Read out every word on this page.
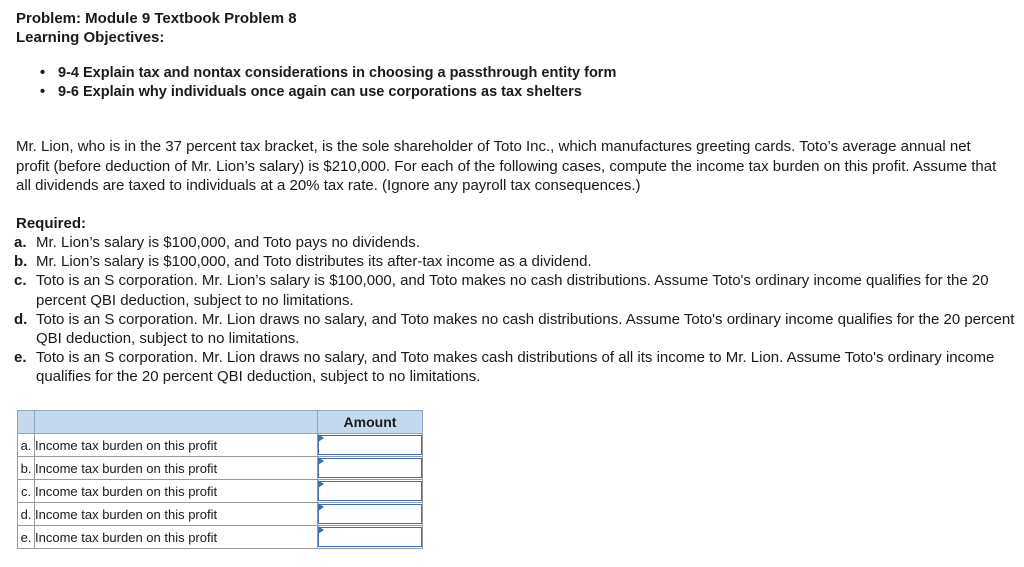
Problem: Module 9 Textbook Problem 8
Learning Objectives:
• 9-4 Explain tax and nontax considerations in choosing a passthrough entity form
• 9-6 Explain why individuals once again can use corporations as tax shelters
Mr. Lion, who is in the 37 percent tax bracket, is the sole shareholder of Toto Inc., which manufactures greeting cards. Toto’s average annual net profit (before deduction of Mr. Lion’s salary) is $210,000. For each of the following cases, compute the income tax burden on this profit. Assume that all dividends are taxed to individuals at a 20% tax rate. (Ignore any payroll tax consequences.)
Required:
a. Mr. Lion’s salary is $100,000, and Toto pays no dividends.
b. Mr. Lion’s salary is $100,000, and Toto distributes its after-tax income as a dividend.
c. Toto is an S corporation. Mr. Lion’s salary is $100,000, and Toto makes no cash distributions. Assume Toto's ordinary income qualifies for the 20 percent QBI deduction, subject to no limitations.
d. Toto is an S corporation. Mr. Lion draws no salary, and Toto makes no cash distributions. Assume Toto's ordinary income qualifies for the 20 percent QBI deduction, subject to no limitations.
e. Toto is an S corporation. Mr. Lion draws no salary, and Toto makes cash distributions of all its income to Mr. Lion. Assume Toto's ordinary income qualifies for the 20 percent QBI deduction, subject to no limitations.
		Amount
a.	Income tax burden on this profit	

b.	Income tax burden on this profit	

c.	Income tax burden on this profit	

d.	Income tax burden on this profit	

e.	Income tax burden on this profit	
